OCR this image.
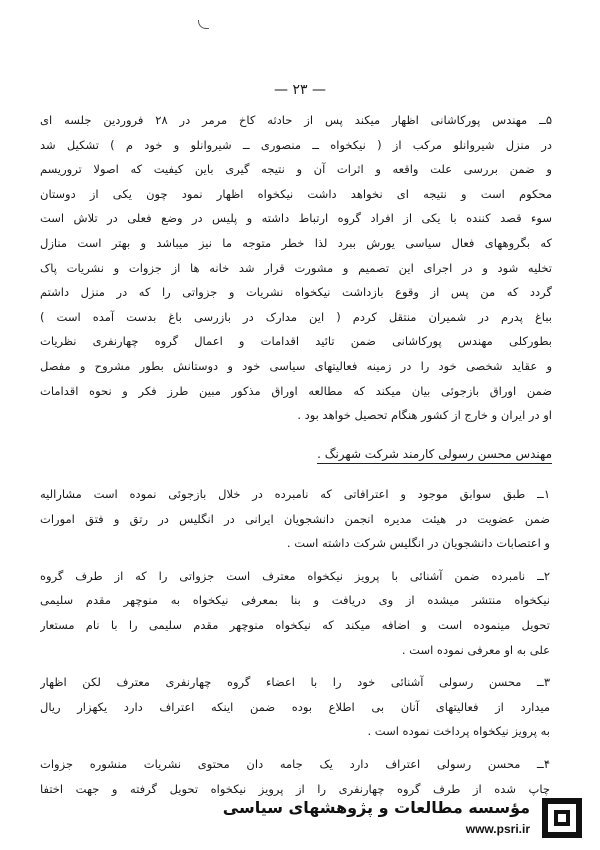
— ۲۳ —
۵ــ مهندس پورکاشانی اظهار میکند پس از حادثه کاخ مرمر در ۲۸ فروردین جلسه ای
در منزل شیروانلو مرکب از ( نیکخواه ــ منصوری ــ شیروانلو و خود م ) تشکیل شد
و ضمن بررسی علت واقعه و اثرات آن و نتیجه گیری باین کیفیت که اصولا تروریسم
محکوم است و نتیجه ای نخواهد داشت نیکخواه اظهار نمود چون یکی از دوستان
سوء قصد کننده با یکی از افراد گروه ارتباط داشته و پلیس در وضع فعلی در تلاش است
که بگروههای فعال سیاسی یورش ببرد لذا خطر متوجه ما نیز میباشد و بهتر است منازل
تخلیه شود و در اجرای این تصمیم و مشورت قرار شد خانه ها از جزوات و نشریات پاک
گردد که من پس از وقوع بازداشت نیکخواه نشریات و جزواتی را که در منزل داشتم
بباغ پدرم در شمیران منتقل کردم ( این مدارک در بازرسی باغ بدست آمده است )
بطورکلی مهندس پورکاشانی ضمن تائید اقدامات و اعمال گروه چهارنفری نظریات
و عقاید شخصی خود را در زمینه فعالیتهای سیاسی خود و دوستانش بطور مشروح و مفصل
ضمن اوراق بازجوئی بیان میکند که مطالعه اوراق مذکور مبین طرز فکر و نحوه اقدامات
او در ایران و خارج از کشور هنگام تحصیل خواهد بود .
مهندس محسن رسولی کارمند شرکت شهرنگ .
۱ــ طبق سوابق موجود و اعترافاتی که نامبرده در خلال بازجوئی نموده است مشارالیه
ضمن عضویت در هیئت مدیره انجمن دانشجویان ایرانی در انگلیس در رتق و فتق امورات
و اعتصابات دانشجویان در انگلیس شرکت داشته است .
۲ــ نامبرده ضمن آشنائی با پرویز نیکخواه معترف است جزواتی را که از طرف گروه
نیکخواه منتشر میشده از وی دریافت و بنا بمعرفی نیکخواه به منوچهر مقدم سلیمی
تحویل مینموده است و اضافه میکند که نیکخواه منوچهر مقدم سلیمی را با نام مستعار
علی به او معرفی نموده است .
۳ــ محسن رسولی آشنائی خود را با اعضاء گروه چهارنفری معترف لکن اظهار
میدارد از فعالیتهای آنان بی اطلاع بوده ضمن اینکه اعتراف دارد یکهزار ریال
به پرویز نیکخواه پرداخت نموده است .
۴ــ محسن رسولی اعتراف دارد یک جامه دان محتوی نشریات منشوره جزوات
چاپ شده از طرف گروه چهارنفری را از پرویز نیکخواه تحویل گرفته و جهت اختفا
مؤسسه مطالعات و پژوهشهای سیاسی
www.psri.ir
